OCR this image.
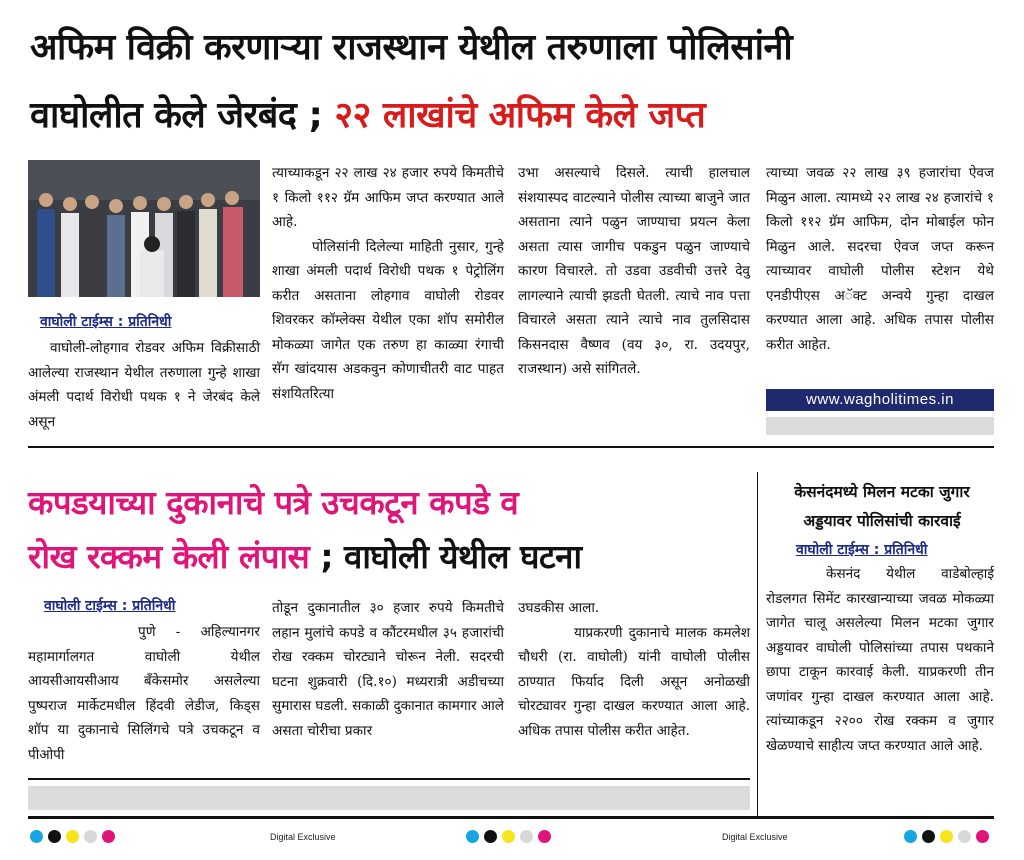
अफिम विक्री करणाऱ्या राजस्थान येथील तरुणाला पोलिसांनी
वाघोलीत केले जेरबंद ; २२ लाखांचे अफिम केले जप्त
वाघोली टाईम्स : प्रतिनिधी
वाघोली-लोहगाव रोडवर अफिम विक्रीसाठी आलेल्या राजस्थान येथील तरुणाला गुन्हे शाखा अंमली पदार्थ विरोधी पथक १ ने जेरबंद केले असून

त्याच्याकडून २२ लाख २४ हजार रुपये किमतीचे १ किलो ११२ ग्रॅम आफिम जप्त करण्यात आले आहे.

पोलिसांनी दिलेल्या माहिती नुसार, गुन्हे शाखा अंमली पदार्थ विरोधी पथक १ पेट्रोलिंग करीत असताना लोहगाव वाघोली रोडवर शिवरकर कॉम्लेक्स येथील एका शॉप समोरील मोकळ्या जागेत एक तरुण हा काळ्या रंगाची सॅग खांदयास अडकवुन कोणाचीतरी वाट पाहत संशयितरित्या

उभा असल्याचे दिसले. त्याची हालचाल संशयास्पद वाटल्याने पोलीस त्याच्या बाजुने जात असताना त्याने पळुन जाण्याचा प्रयत्न केला असता त्यास जागीच पकडुन पळुन जाण्याचे कारण विचारले. तो उडवा उडवीची उत्तरे देवु लागल्याने त्याची झडती घेतली. त्याचे नाव पत्ता विचारले असता त्याने त्याचे नाव तुलसिदास किसनदास वैष्णव (वय ३०, रा. उदयपुर, राजस्थान) असे सांगितले.
त्याच्या जवळ २२ लाख ३९ हजारांचा ऐवज मिळुन आला. त्यामध्ये २२ लाख २४ हजारांचे १ किलो ११२ ग्रॅम आफिम, दोन मोबाईल फोन मिळुन आले. सदरचा ऐवज जप्त करून त्याच्यावर वाघोली पोलीस स्टेशन येथे एनडीपीएस अॅक्ट अन्वये गुन्हा दाखल करण्यात आला आहे. अधिक तपास पोलीस करीत आहेत.
www.wagholitimes.in
कपडयाच्या दुकानाचे पत्रे उचकटून कपडे व
रोख रक्कम केली लंपास ; वाघोली येथील घटना
वाघोली टाईम्स : प्रतिनिधी
पुणे - अहिल्यानगर महामार्गालगत वाघोली येथील आयसीआयसीआय बँकेसमोर असलेल्या पुष्पराज मार्केटमधील हिंदवी लेडीज, किड्स शॉप या दुकानाचे सिलिंगचे पत्रे उचकटून व पीओपी
तोडून दुकानातील ३० हजार रुपये किमतीचे लहान मुलांचे कपडे व कौंटरमधील ३५ हजारांची रोख रक्कम चोरट्याने चोरून नेली. सदरची घटना शुक्रवारी (दि.१०) मध्यरात्री अडीचच्या सुमारास घडली. सकाळी दुकानात कामगार आले असता चोरीचा प्रकार

उघडकीस आला.

याप्रकरणी दुकानाचे मालक कमलेश चौधरी (रा. वाघोली) यांनी वाघोली पोलीस ठाण्यात फिर्याद दिली असून अनोळखी चोरट्यावर गुन्हा दाखल करण्यात आला आहे. अधिक तपास पोलीस करीत आहेत.

केसनंदमध्ये मिलन मटका जुगार
अड्डयावर पोलिसांची कारवाई
वाघोली टाईम्स : प्रतिनिधी
केसनंद येथील वाडेबोल्हाई रोडलगत सिमेंट कारखान्याच्या जवळ मोकळ्या जागेत चालू असलेल्या मिलन मटका जुगार अड्डयावर वाघोली पोलिसांच्या तपास पथकाने छापा टाकून कारवाई केली. याप्रकरणी तीन जणांवर गुन्हा दाखल करण्यात आला आहे. त्यांच्याकडून २२०० रोख रक्कम व जुगार खेळण्याचे साहीत्य जप्त करण्यात आले आहे.
Digital Exclusive	Digital Exclusive
